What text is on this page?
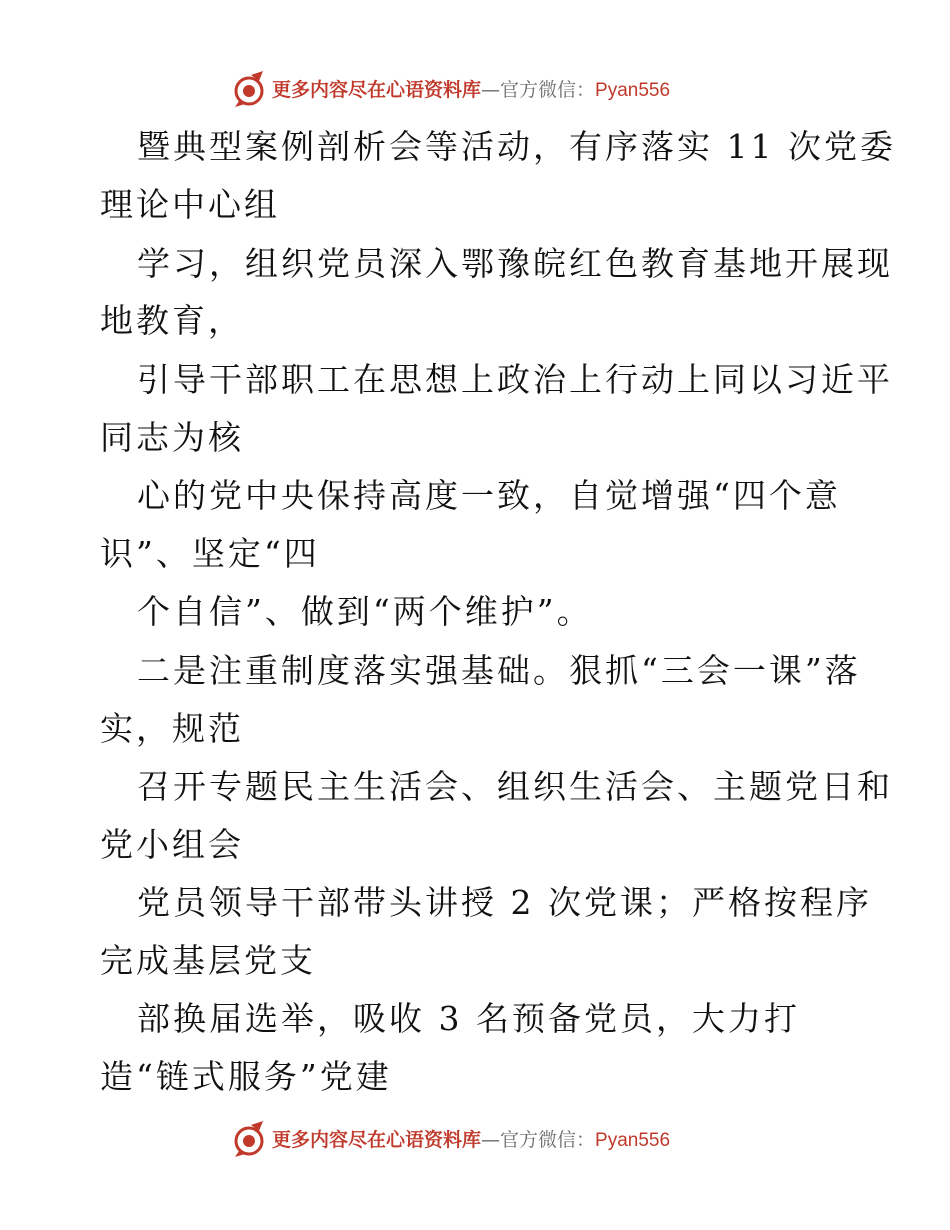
更多内容尽在心语资料库—官方微信：Pyan556
暨典型案例剖析会等活动，有序落实 11 次党委
理论中心组
学习，组织党员深入鄂豫皖红色教育基地开展现
地教育，
引导干部职工在思想上政治上行动上同以习近平
同志为核
心的党中央保持高度一致，自觉增强“四个意
识”、坚定“四
个自信”、做到“两个维护”。
二是注重制度落实强基础。狠抓“三会一课”落
实，规范
召开专题民主生活会、组织生活会、主题党日和
党小组会
党员领导干部带头讲授 2 次党课；严格按程序
完成基层党支
部换届选举，吸收 3 名预备党员，大力打
造“链式服务”党建
更多内容尽在心语资料库—官方微信：Pyan556
